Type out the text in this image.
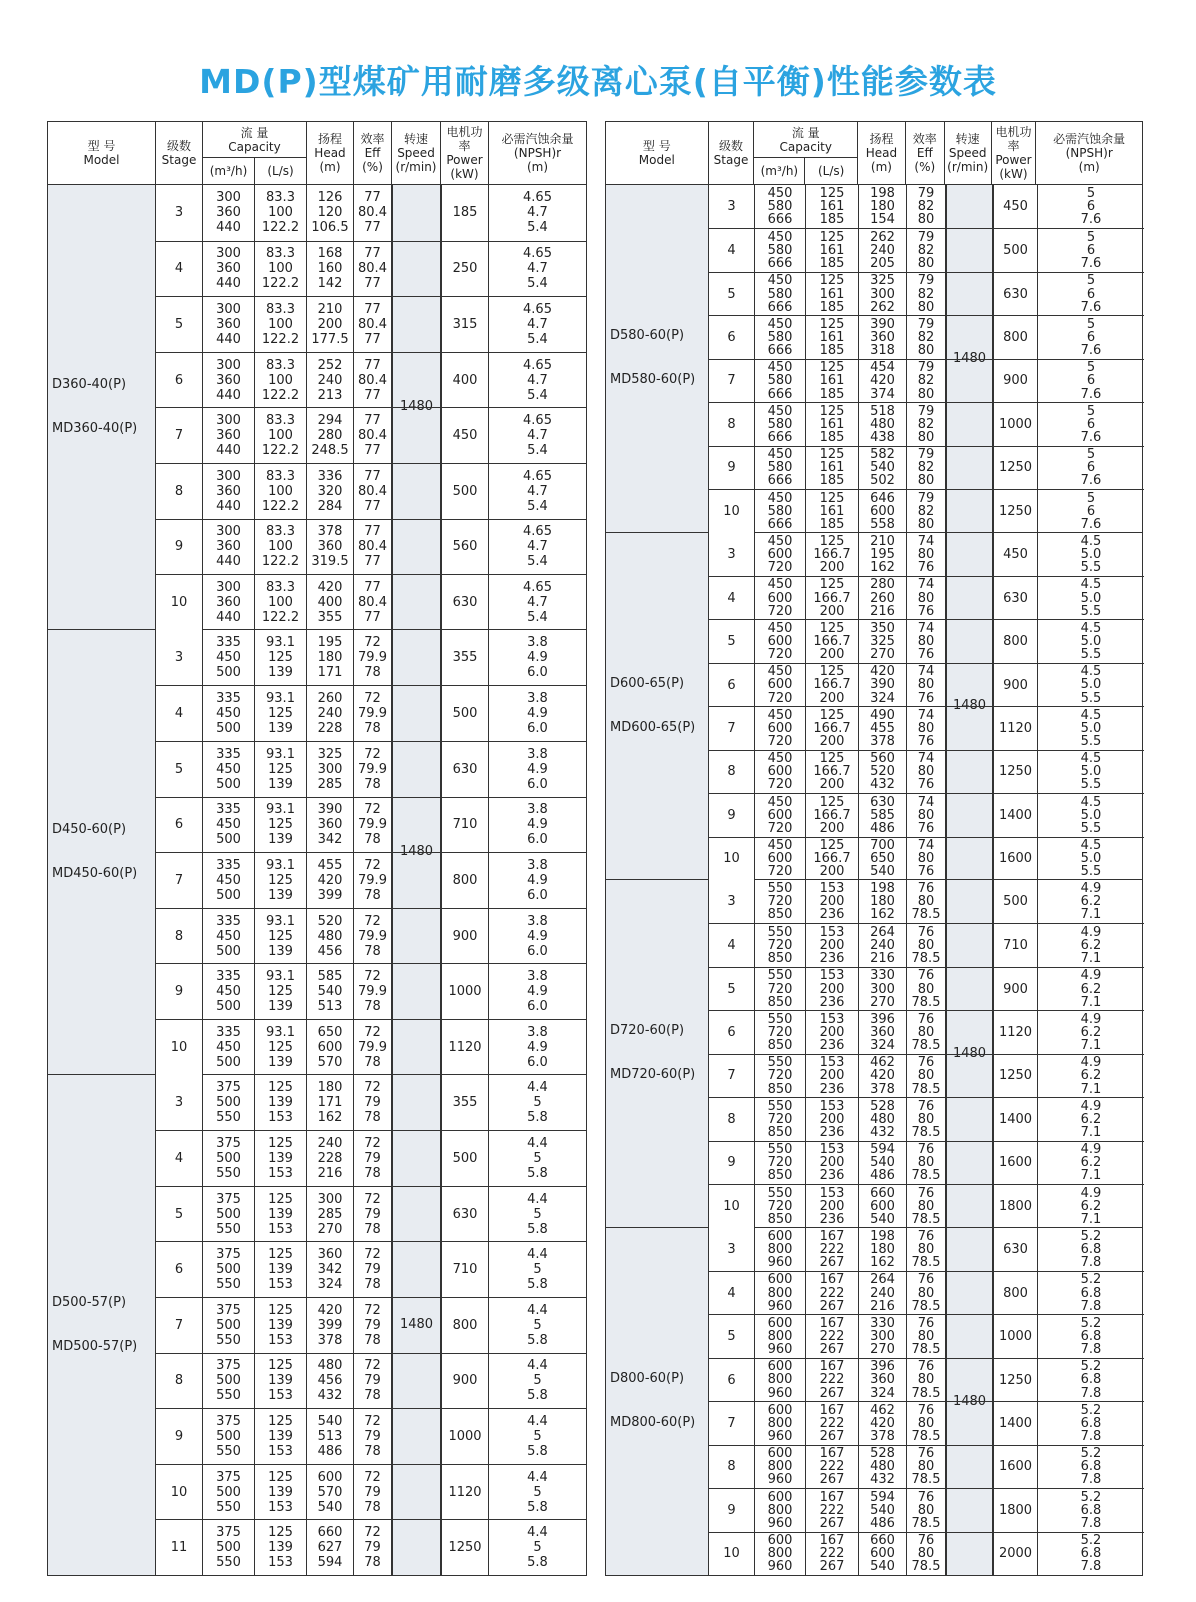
MD(P)型煤矿用耐磨多级离心泵(自平衡)性能参数表
型 号
Model
级数
Stage
流 量
Capacity
(m³/h)	(L/s)
扬程
Head
(m)
效率
Eff
(%)
转速
Speed
(r/min)
电机功率
Power
(kW)
必需汽蚀余量
(NPSH)r
(m)
D360-40(P)
MD360-40(P)
1480
3
300
360
440
83.3
100
122.2
126
120
106.5
77
80.4
77
185
4.65
4.7
5.4
4
300
360
440
83.3
100
122.2
168
160
142
77
80.4
77
250
4.65
4.7
5.4
5
300
360
440
83.3
100
122.2
210
200
177.5
77
80.4
77
315
4.65
4.7
5.4
6
300
360
440
83.3
100
122.2
252
240
213
77
80.4
77
400
4.65
4.7
5.4
7
300
360
440
83.3
100
122.2
294
280
248.5
77
80.4
77
450
4.65
4.7
5.4
8
300
360
440
83.3
100
122.2
336
320
284
77
80.4
77
500
4.65
4.7
5.4
9
300
360
440
83.3
100
122.2
378
360
319.5
77
80.4
77
560
4.65
4.7
5.4
10
300
360
440
83.3
100
122.2
420
400
355
77
80.4
77
630
4.65
4.7
5.4
D450-60(P)
MD450-60(P)
1480
3
335
450
500
93.1
125
139
195
180
171
72
79.9
78
355
3.8
4.9
6.0
4
335
450
500
93.1
125
139
260
240
228
72
79.9
78
500
3.8
4.9
6.0
5
335
450
500
93.1
125
139
325
300
285
72
79.9
78
630
3.8
4.9
6.0
6
335
450
500
93.1
125
139
390
360
342
72
79.9
78
710
3.8
4.9
6.0
7
335
450
500
93.1
125
139
455
420
399
72
79.9
78
800
3.8
4.9
6.0
8
335
450
500
93.1
125
139
520
480
456
72
79.9
78
900
3.8
4.9
6.0
9
335
450
500
93.1
125
139
585
540
513
72
79.9
78
1000
3.8
4.9
6.0
10
335
450
500
93.1
125
139
650
600
570
72
79.9
78
1120
3.8
4.9
6.0
D500-57(P)
MD500-57(P)
1480
3
375
500
550
125
139
153
180
171
162
72
79
78
355
4.4
5
5.8
4
375
500
550
125
139
153
240
228
216
72
79
78
500
4.4
5
5.8
5
375
500
550
125
139
153
300
285
270
72
79
78
630
4.4
5
5.8
6
375
500
550
125
139
153
360
342
324
72
79
78
710
4.4
5
5.8
7
375
500
550
125
139
153
420
399
378
72
79
78
800
4.4
5
5.8
8
375
500
550
125
139
153
480
456
432
72
79
78
900
4.4
5
5.8
9
375
500
550
125
139
153
540
513
486
72
79
78
1000
4.4
5
5.8
10
375
500
550
125
139
153
600
570
540
72
79
78
1120
4.4
5
5.8
11
375
500
550
125
139
153
660
627
594
72
79
78
1250
4.4
5
5.8
型 号
Model
级数
Stage
流 量
Capacity
(m³/h)	(L/s)
扬程
Head
(m)
效率
Eff
(%)
转速
Speed
(r/min)
电机功率
Power
(kW)
必需汽蚀余量
(NPSH)r
(m)
D580-60(P)
MD580-60(P)
1480
3
450
580
666
125
161
185
198
180
154
79
82
80
450
5
6
7.6
4
450
580
666
125
161
185
262
240
205
79
82
80
500
5
6
7.6
5
450
580
666
125
161
185
325
300
262
79
82
80
630
5
6
7.6
6
450
580
666
125
161
185
390
360
318
79
82
80
800
5
6
7.6
7
450
580
666
125
161
185
454
420
374
79
82
80
900
5
6
7.6
8
450
580
666
125
161
185
518
480
438
79
82
80
1000
5
6
7.6
9
450
580
666
125
161
185
582
540
502
79
82
80
1250
5
6
7.6
10
450
580
666
125
161
185
646
600
558
79
82
80
1250
5
6
7.6
D600-65(P)
MD600-65(P)
1480
3
450
600
720
125
166.7
200
210
195
162
74
80
76
450
4.5
5.0
5.5
4
450
600
720
125
166.7
200
280
260
216
74
80
76
630
4.5
5.0
5.5
5
450
600
720
125
166.7
200
350
325
270
74
80
76
800
4.5
5.0
5.5
6
450
600
720
125
166.7
200
420
390
324
74
80
76
900
4.5
5.0
5.5
7
450
600
720
125
166.7
200
490
455
378
74
80
76
1120
4.5
5.0
5.5
8
450
600
720
125
166.7
200
560
520
432
74
80
76
1250
4.5
5.0
5.5
9
450
600
720
125
166.7
200
630
585
486
74
80
76
1400
4.5
5.0
5.5
10
450
600
720
125
166.7
200
700
650
540
74
80
76
1600
4.5
5.0
5.5
D720-60(P)
MD720-60(P)
1480
3
550
720
850
153
200
236
198
180
162
76
80
78.5
500
4.9
6.2
7.1
4
550
720
850
153
200
236
264
240
216
76
80
78.5
710
4.9
6.2
7.1
5
550
720
850
153
200
236
330
300
270
76
80
78.5
900
4.9
6.2
7.1
6
550
720
850
153
200
236
396
360
324
76
80
78.5
1120
4.9
6.2
7.1
7
550
720
850
153
200
236
462
420
378
76
80
78.5
1250
4.9
6.2
7.1
8
550
720
850
153
200
236
528
480
432
76
80
78.5
1400
4.9
6.2
7.1
9
550
720
850
153
200
236
594
540
486
76
80
78.5
1600
4.9
6.2
7.1
10
550
720
850
153
200
236
660
600
540
76
80
78.5
1800
4.9
6.2
7.1
D800-60(P)
MD800-60(P)
1480
3
600
800
960
167
222
267
198
180
162
76
80
78.5
630
5.2
6.8
7.8
4
600
800
960
167
222
267
264
240
216
76
80
78.5
800
5.2
6.8
7.8
5
600
800
960
167
222
267
330
300
270
76
80
78.5
1000
5.2
6.8
7.8
6
600
800
960
167
222
267
396
360
324
76
80
78.5
1250
5.2
6.8
7.8
7
600
800
960
167
222
267
462
420
378
76
80
78.5
1400
5.2
6.8
7.8
8
600
800
960
167
222
267
528
480
432
76
80
78.5
1600
5.2
6.8
7.8
9
600
800
960
167
222
267
594
540
486
76
80
78.5
1800
5.2
6.8
7.8
10
600
800
960
167
222
267
660
600
540
76
80
78.5
2000
5.2
6.8
7.8
